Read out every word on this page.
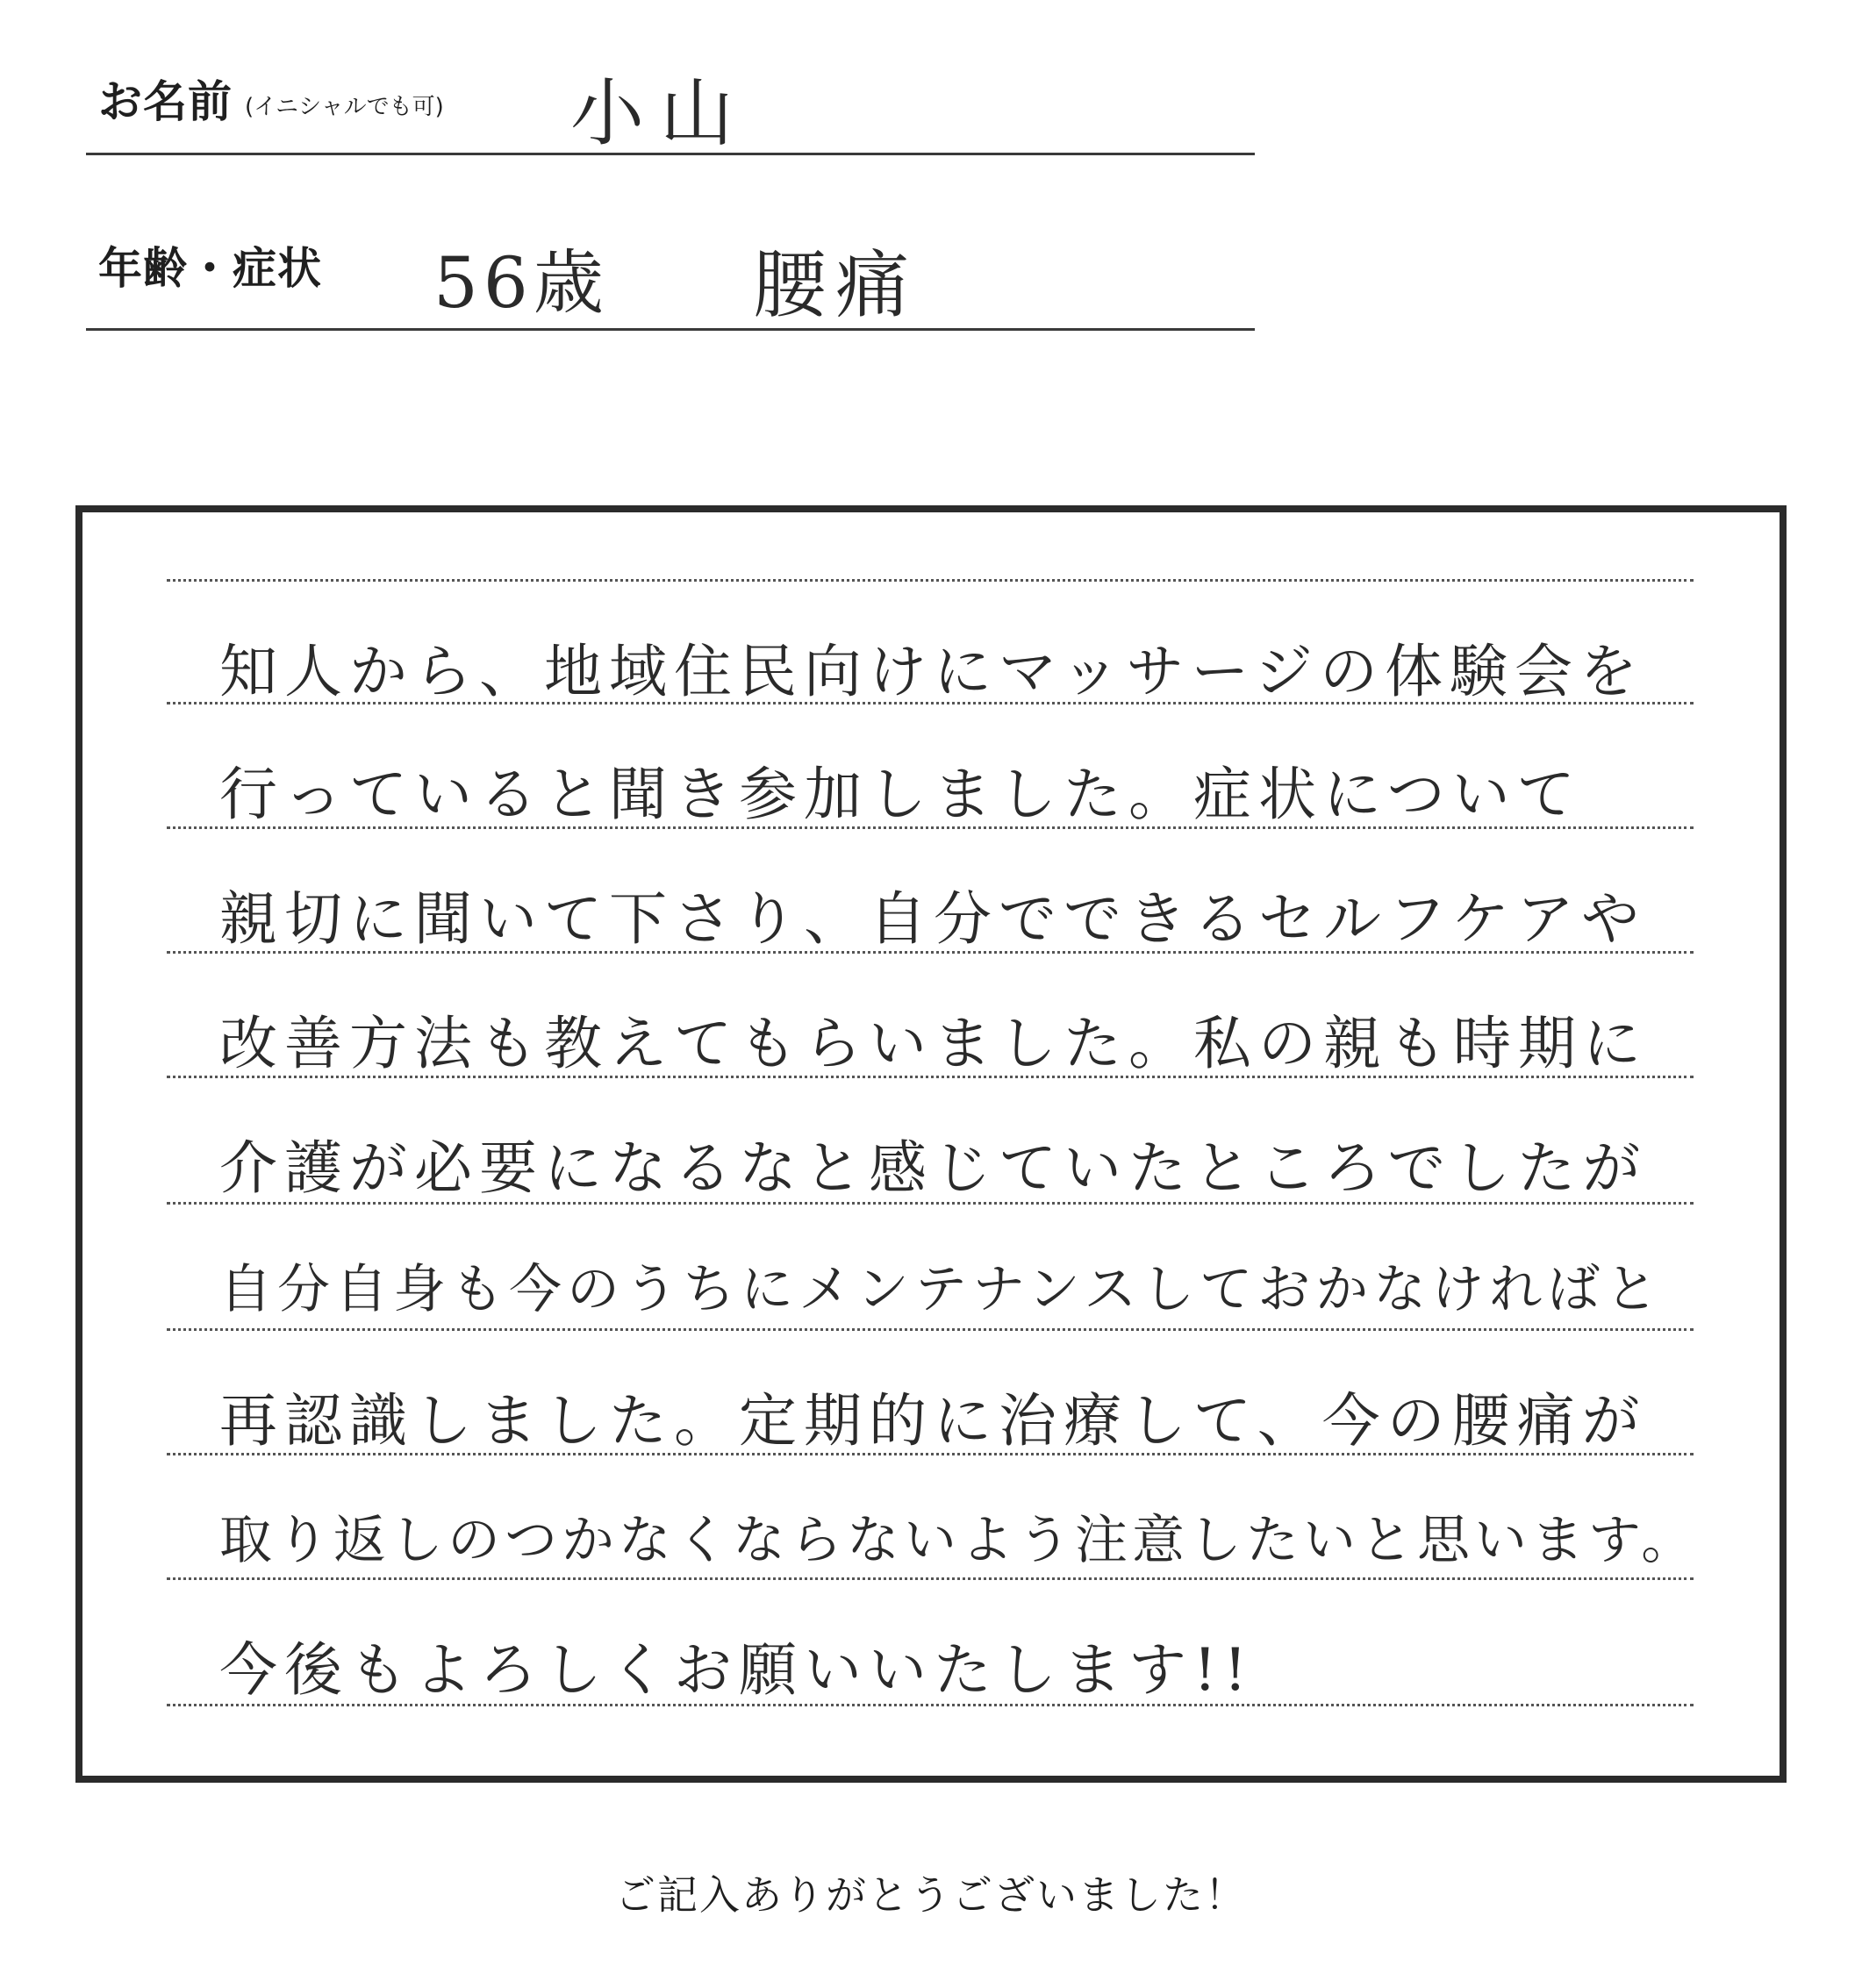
お名前 (イニシャルでも可) 小山
年齢・症状 56歳 腰痛
知人から、地域住民向けにマッサージの体験会を
行っていると聞き参加しました。症状について
親切に聞いて下さり、自分でできるセルフケアや
改善方法も教えてもらいました。私の親も時期に
介護が必要になるなと感じていたところでしたが
自分自身も今のうちにメンテナンスしておかなければと
再認識しました。定期的に治療して、今の腰痛が
取り返しのつかなくならないよう注意したいと思います。
今後もよろしくお願いいたします!!
ご記入ありがとうございました！
